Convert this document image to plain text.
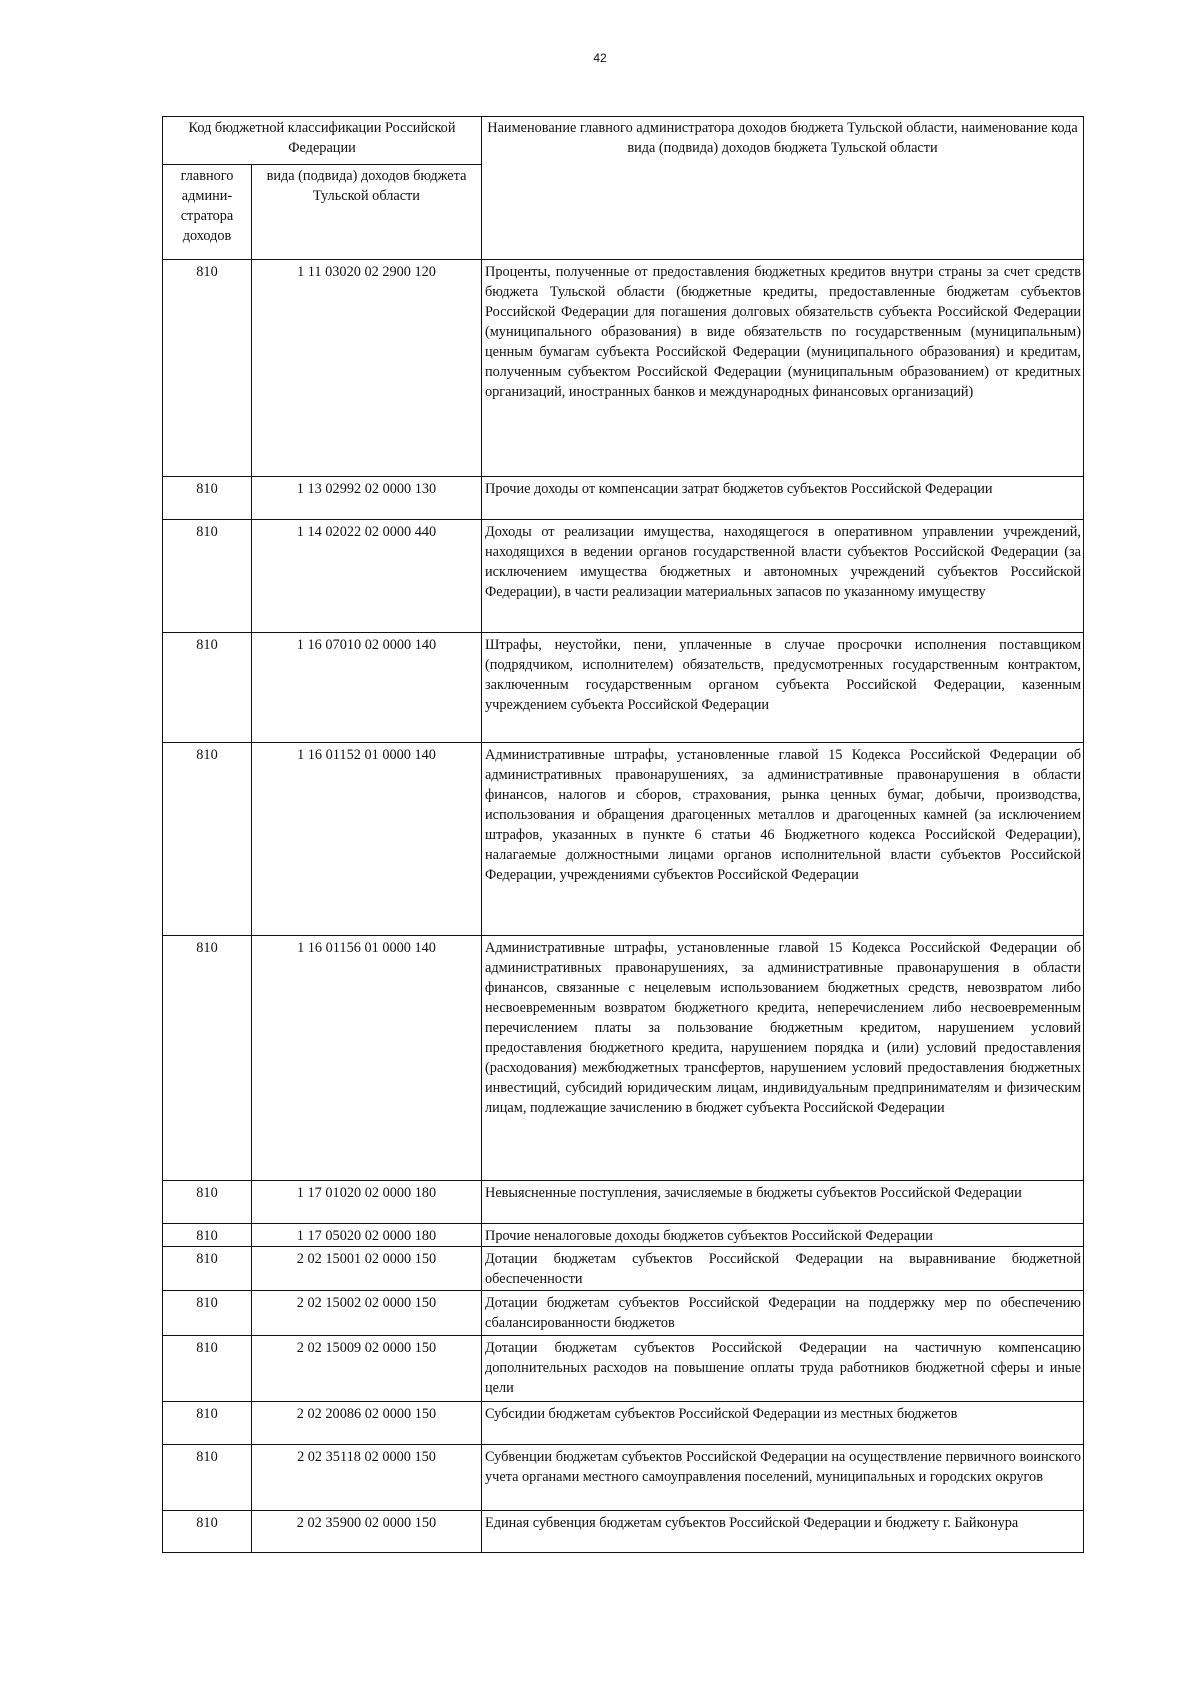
42
Код бюджетной классификации Российской Федерации		Наименование главного администратора доходов бюджета Тульской области, наименование кода вида (подвида) доходов бюджета Тульской области
главного админи- стратора доходов	вида (подвида) доходов бюджета Тульской области	
810	1 11 03020 02 2900 120	Проценты, полученные от предоставления бюджетных кредитов внутри страны за счет средств бюджета Тульской области (бюджетные кредиты, предоставленные бюджетам субъектов Российской Федерации для погашения долговых обязательств субъекта Российской Федерации (муниципального образования) в виде обязательств по государственным (муниципальным) ценным бумагам субъекта Российской Федерации (муниципального образования) и кредитам, полученным субъектом Российской Федерации (муниципальным образованием) от кредитных организаций, иностранных банков и международных финансовых организаций)
810	1 13 02992 02 0000 130	Прочие доходы от компенсации затрат бюджетов субъектов Российской Федерации
810	1 14 02022 02 0000 440	Доходы от реализации имущества, находящегося в оперативном управлении учреждений, находящихся в ведении органов государственной власти субъектов Российской Федерации (за исключением имущества бюджетных и автономных учреждений субъектов Российской Федерации), в части реализации материальных запасов по указанному имуществу
810	1 16 07010 02 0000 140	Штрафы, неустойки, пени, уплаченные в случае просрочки исполнения поставщиком (подрядчиком, исполнителем) обязательств, предусмотренных государственным контрактом, заключенным государственным органом субъекта Российской Федерации, казенным учреждением субъекта Российской Федерации
810	1 16 01152 01 0000 140	Административные штрафы, установленные главой 15 Кодекса Российской Федерации об административных правонарушениях, за административные правонарушения в области финансов, налогов и сборов, страхования, рынка ценных бумаг, добычи, производства, использования и обращения драгоценных металлов и драгоценных камней (за исключением штрафов, указанных в пункте 6 статьи 46 Бюджетного кодекса Российской Федерации), налагаемые должностными лицами органов исполнительной власти субъектов Российской Федерации, учреждениями субъектов Российской Федерации
810	1 16 01156 01 0000 140	Административные штрафы, установленные главой 15 Кодекса Российской Федерации об административных правонарушениях, за административные правонарушения в области финансов, связанные с нецелевым использованием бюджетных средств, невозвратом либо несвоевременным возвратом бюджетного кредита, неперечислением либо несвоевременным перечислением платы за пользование бюджетным кредитом, нарушением условий предоставления бюджетного кредита, нарушением порядка и (или) условий предоставления (расходования) межбюджетных трансфертов, нарушением условий предоставления бюджетных инвестиций, субсидий юридическим лицам, индивидуальным предпринимателям и физическим лицам, подлежащие зачислению в бюджет субъекта Российской Федерации
810	1 17 01020 02 0000 180	Невыясненные поступления, зачисляемые в бюджеты субъектов Российской Федерации
810	1 17 05020 02 0000 180	Прочие неналоговые доходы бюджетов субъектов Российской Федерации
810	2 02 15001 02 0000 150	Дотации бюджетам субъектов Российской Федерации на выравнивание бюджетной обеспеченности
810	2 02 15002 02 0000 150	Дотации бюджетам субъектов Российской Федерации на поддержку мер по обеспечению сбалансированности бюджетов
810	2 02 15009 02 0000 150	Дотации бюджетам субъектов Российской Федерации на частичную компенсацию дополнительных расходов на повышение оплаты труда работников бюджетной сферы и иные цели
810	2 02 20086 02 0000 150	Субсидии бюджетам субъектов Российской Федерации из местных бюджетов
810	2 02 35118 02 0000 150	Субвенции бюджетам субъектов Российской Федерации на осуществление первичного воинского учета органами местного самоуправления поселений, муниципальных и городских округов
810	2 02 35900 02 0000 150	Единая субвенция бюджетам субъектов Российской Федерации и бюджету г. Байконура
